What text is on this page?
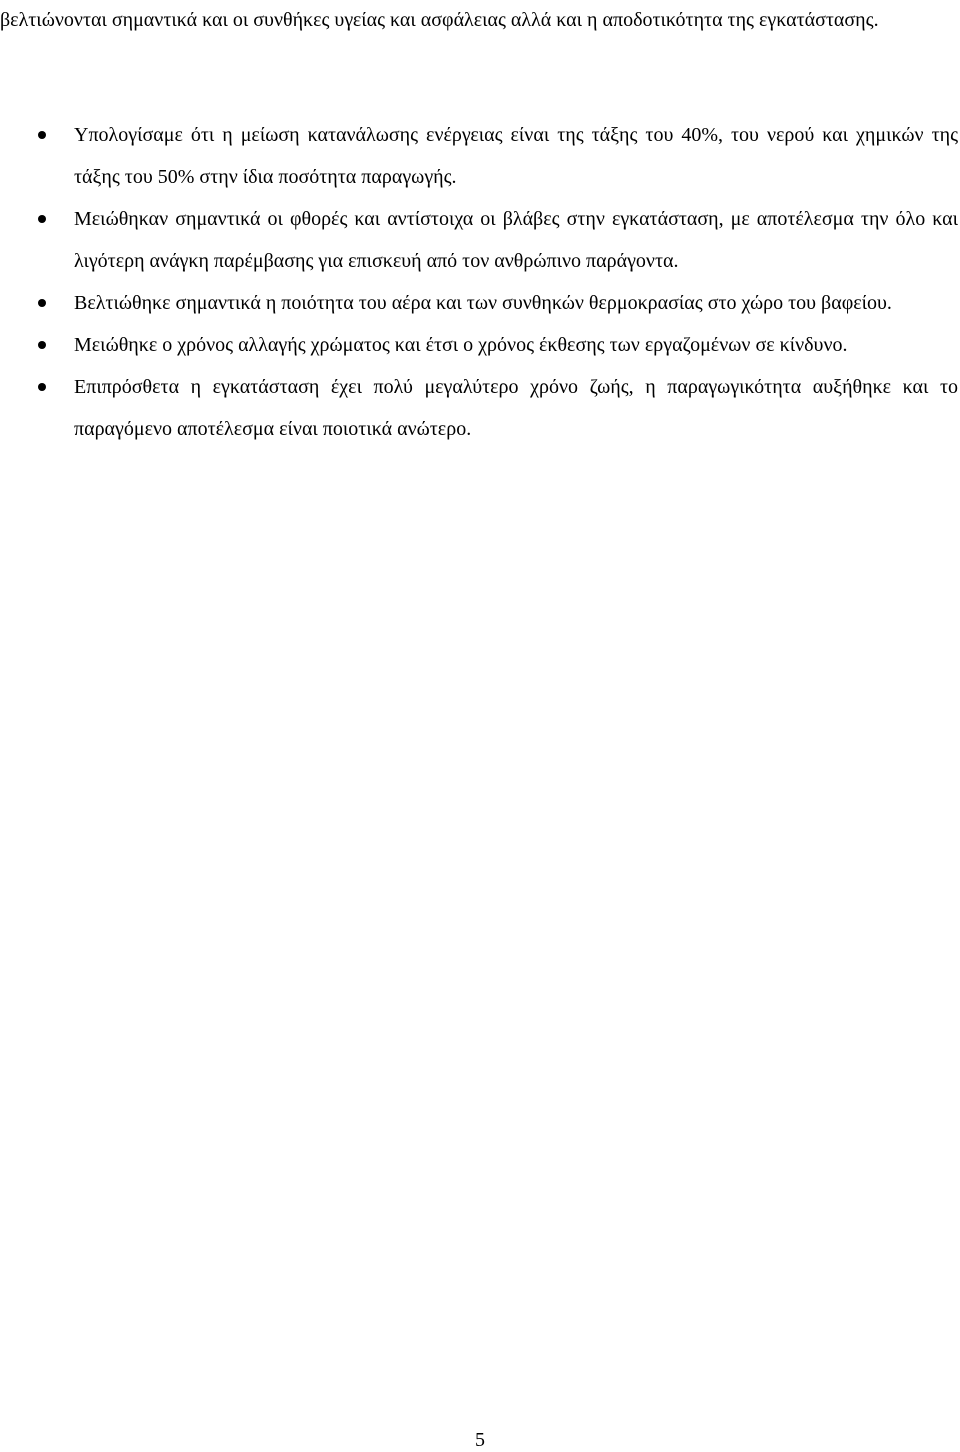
βελτιώνονται σημαντικά και οι συνθήκες υγείας και ασφάλειας αλλά και η αποδοτικότητα της εγκατάστασης.

Υπολογίσαμε ότι η μείωση κατανάλωσης ενέργειας είναι της τάξης του 40%, του νερού και χημικών της τάξης του 50% στην ίδια ποσότητα παραγωγής.
Μειώθηκαν σημαντικά οι φθορές και αντίστοιχα οι βλάβες στην εγκατάσταση, με αποτέλεσμα την όλο και λιγότερη ανάγκη παρέμβασης για επισκευή από τον ανθρώπινο παράγοντα.
Βελτιώθηκε σημαντικά η ποιότητα του αέρα και των συνθηκών θερμοκρασίας στο χώρο του βαφείου.
Μειώθηκε ο χρόνος αλλαγής χρώματος και έτσι ο χρόνος έκθεσης των εργαζομένων σε κίνδυνο.
Επιπρόσθετα η εγκατάσταση έχει πολύ μεγαλύτερο χρόνο ζωής, η παραγωγικότητα αυξήθηκε και το παραγόμενο αποτέλεσμα είναι ποιοτικά ανώτερο.
5
